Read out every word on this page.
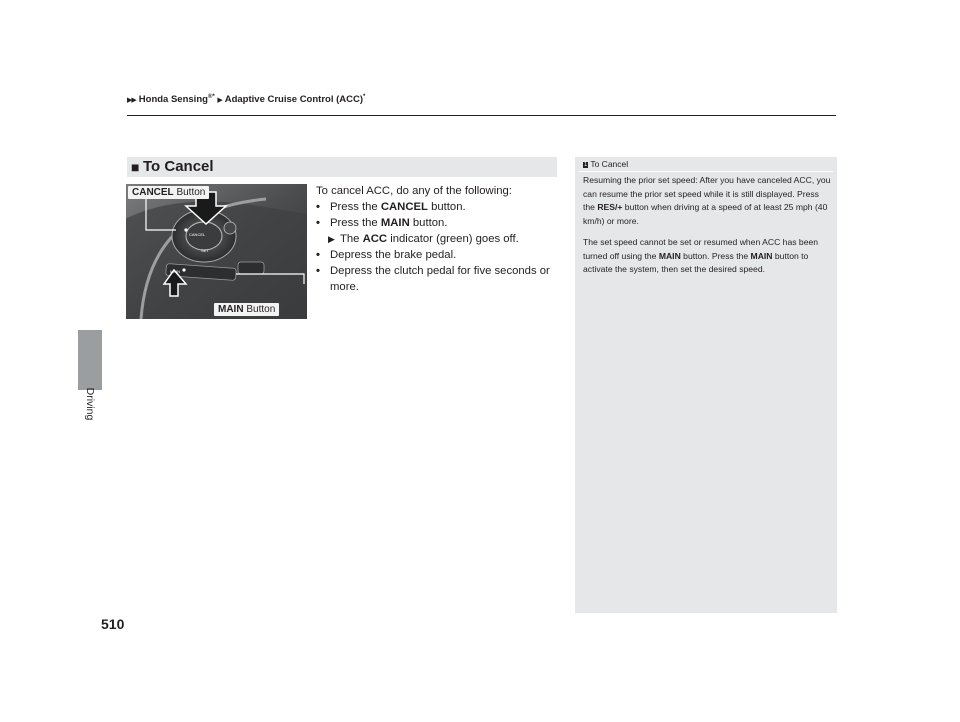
▶▶ Honda Sensing®* ▶ Adaptive Cruise Control (ACC)*
Driving
510
■ To Cancel
CANCEL
SET
MAIN
CANCEL Button
MAIN Button
To cancel ACC, do any of the following:
• Press the CANCEL button.
• Press the MAIN button.
▶ The ACC indicator (green) goes off.
• Depress the brake pedal.
• Depress the clutch pedal for five seconds or more.
1 To Cancel

Resuming the prior set speed: After you have canceled ACC, you can resume the prior set speed while it is still displayed. Press the RES/+ button when driving at a speed of at least 25 mph (40 km/h) or more.

The set speed cannot be set or resumed when ACC has been turned off using the MAIN button. Press the MAIN button to activate the system, then set the desired speed.
